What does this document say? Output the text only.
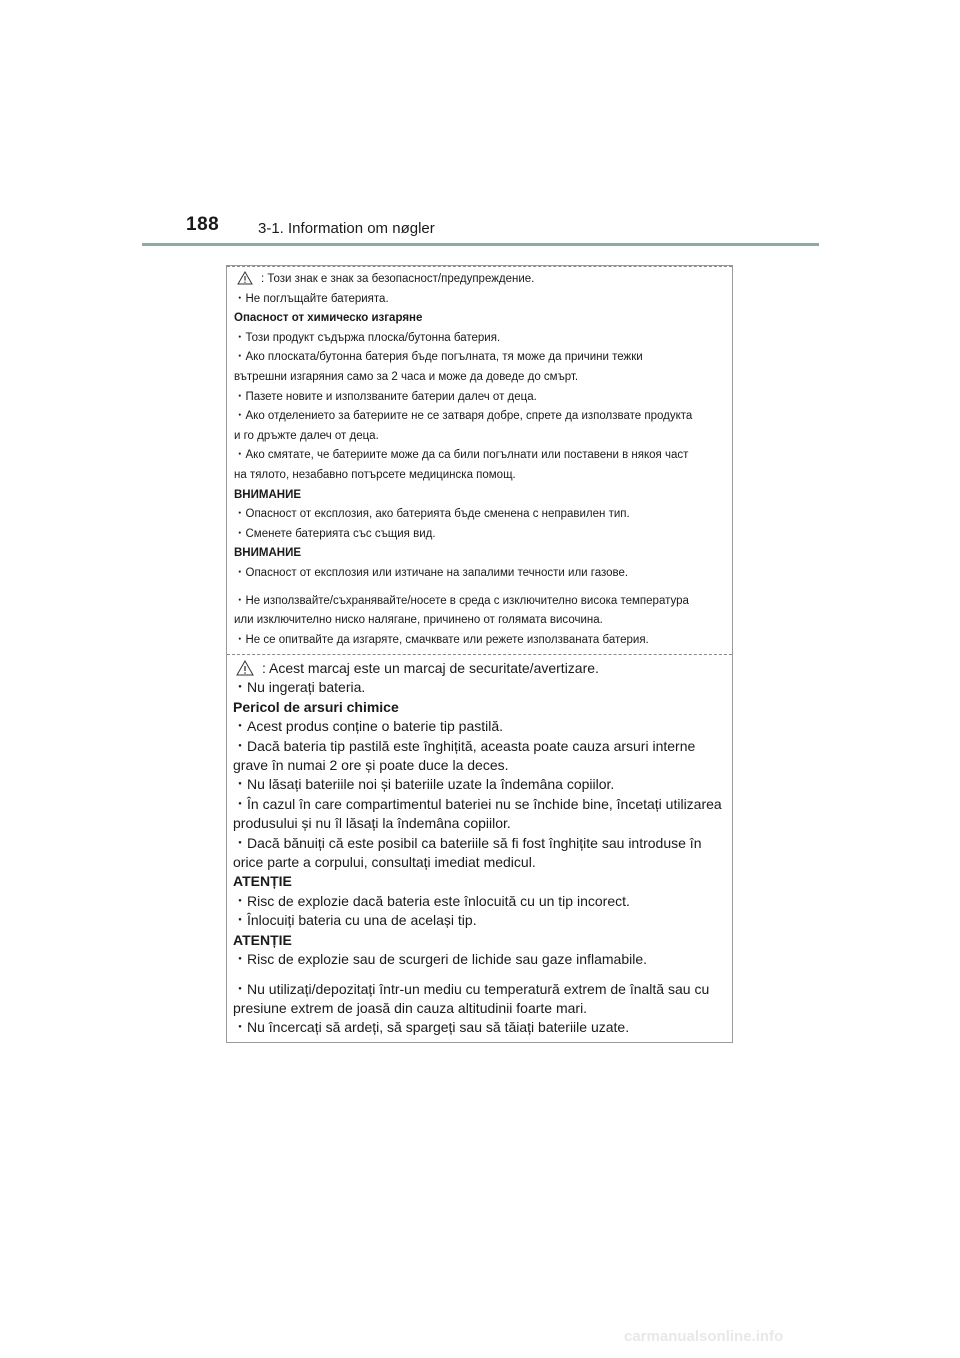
188	3-1. Information om nøgler
: Този знак е знак за безопасност/предупреждение.
・Не поглъщайте батерията.
Опасност от химическо изгаряне
・Този продукт съдържа плоска/бутонна батерия.
・Ако плоската/бутонна батерия бъде погълната, тя може да причини тежки
вътрешни изгаряния само за 2 часа и може да доведе до смърт.
・Пазете новите и използваните батерии далеч от деца.
・Ако отделението за батериите не се затваря добре, спрете да използвате продукта
и го дръжте далеч от деца.
・Ако смятате, че батериите може да са били погълнати или поставени в някоя част
на тялото, незабавно потърсете медицинска помощ.
ВНИМАНИЕ
・Опасност от експлозия, ако батерията бъде сменена с неправилен тип.
・Сменете батерията със същия вид.
ВНИМАНИЕ
・Опасност от експлозия или изтичане на запалими течности или газове.
・Не използвайте/съхранявайте/носете в среда с изключително висока температура
или изключително ниско налягане, причинено от голямата височина.
・Не се опитвайте да изгаряте, смачквате или режете използваната батерия.
: Acest marcaj este un marcaj de securitate/avertizare.
・Nu ingerați bateria.
Pericol de arsuri chimice
・Acest produs conține o baterie tip pastilă.
・Dacă bateria tip pastilă este înghițită, aceasta poate cauza arsuri interne
grave în numai 2 ore și poate duce la deces.
・Nu lăsați bateriile noi și bateriile uzate la îndemâna copiilor.
・În cazul în care compartimentul bateriei nu se închide bine, încetați utilizarea
produsului și nu îl lăsați la îndemâna copiilor.
・Dacă bănuiți că este posibil ca bateriile să fi fost înghițite sau introduse în
orice parte a corpului, consultați imediat medicul.
ATENȚIE
・Risc de explozie dacă bateria este înlocuită cu un tip incorect.
・Înlocuiți bateria cu una de același tip.
ATENȚIE
・Risc de explozie sau de scurgeri de lichide sau gaze inflamabile.
・Nu utilizați/depozitați într-un mediu cu temperatură extrem de înaltă sau cu
presiune extrem de joasă din cauza altitudinii foarte mari.
・Nu încercați să ardeți, să spargeți sau să tăiați bateriile uzate.
carmanualsonline.info
